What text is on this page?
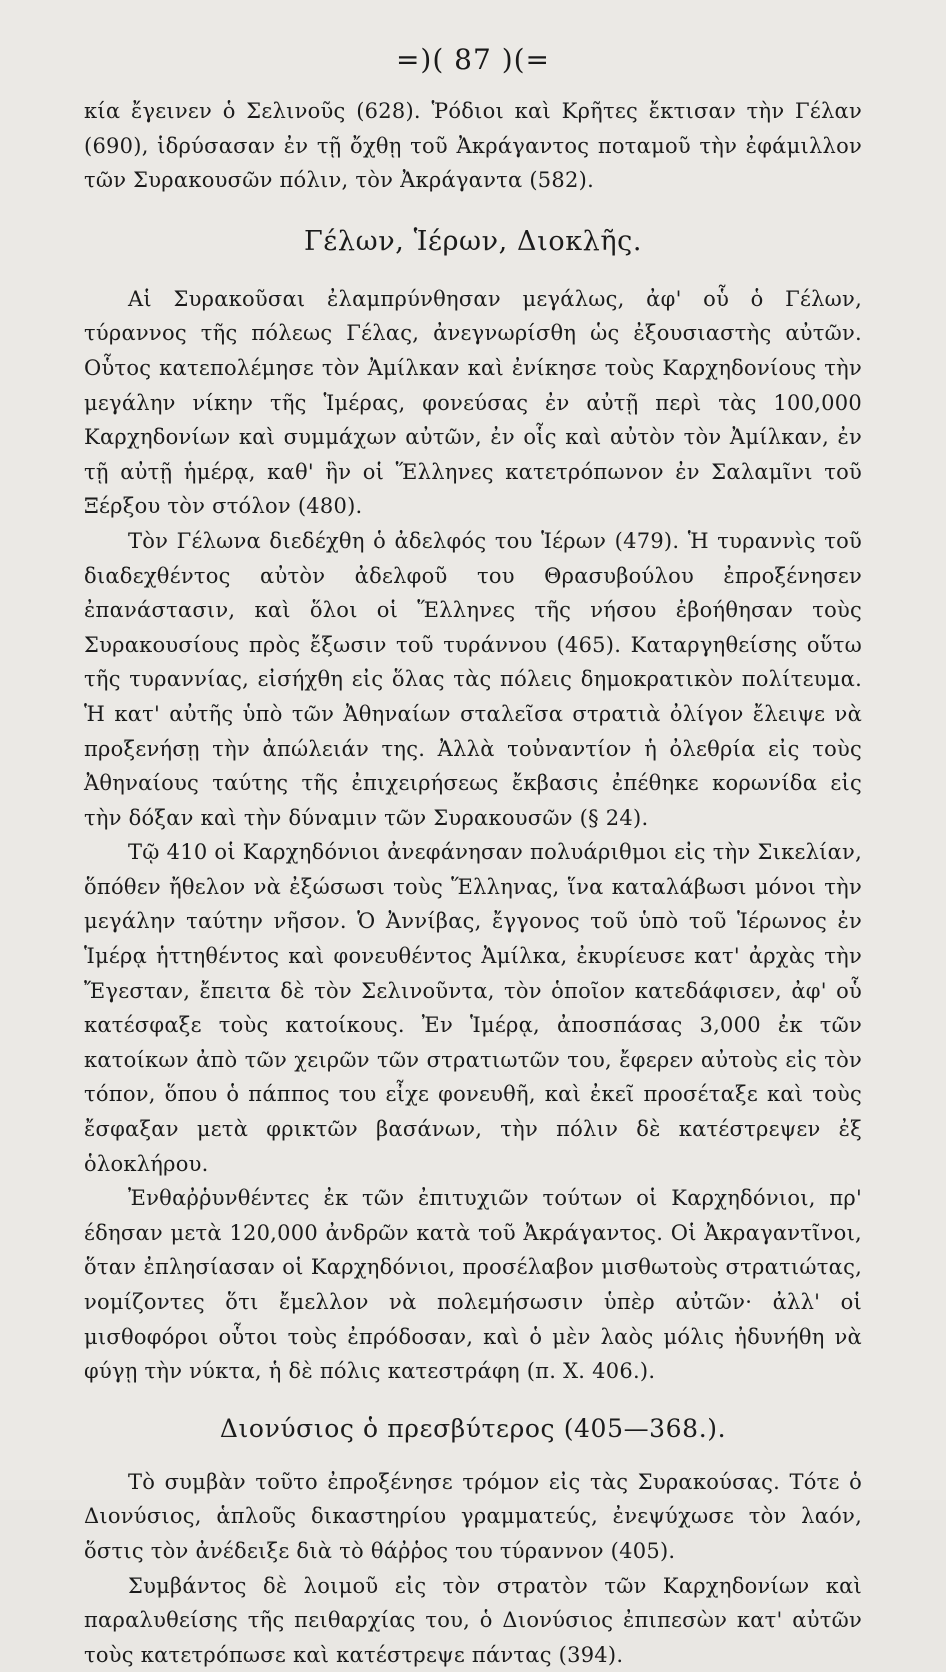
=)( 87 )(=

κία ἔγεινεν ὁ Σελινοῦς (628). Ῥόδιοι καὶ Κρῆτες ἔκτισαν τὴν Γέλαν (690), ἱδρύσασαν ἐν τῇ ὄχθῃ τοῦ Ἀκράγαντος ποταμοῦ τὴν ἐφάμιλλον τῶν Συρακουσῶν πόλιν, τὸν Ἀκράγαντα (582).

Γέλων, Ἱέρων, Διοκλῆς.

Αἱ Συρακοῦσαι ἐλαμπρύνθησαν μεγάλως, ἀφ' οὗ ὁ Γέλων, τύραννος τῆς πόλεως Γέλας, ἀνεγνωρίσθη ὡς ἐξουσιαστὴς αὐτῶν. Οὗτος κατεπολέμησε τὸν Ἀμίλκαν καὶ ἐνίκησε τοὺς Καρχηδονίους τὴν μεγάλην νίκην τῆς Ἱμέρας, φονεύσας ἐν αὐτῇ περὶ τὰς 100,000 Καρχηδονίων καὶ συμμάχων αὐτῶν, ἐν οἷς καὶ αὐτὸν τὸν Ἀμίλκαν, ἐν τῇ αὐτῇ ἡμέρᾳ, καθ' ἣν οἱ Ἕλληνες κατετρόπωνον ἐν Σαλαμῖνι τοῦ Ξέρξου τὸν στόλον (480).

Τὸν Γέλωνα διεδέχθη ὁ ἀδελφός του Ἱέρων (479). Ἡ τυραννὶς τοῦ διαδεχθέντος αὐτὸν ἀδελφοῦ του Θρασυβούλου ἐπροξένησεν ἐπανάστασιν, καὶ ὅλοι οἱ Ἕλληνες τῆς νήσου ἐβοήθησαν τοὺς Συρακουσίους πρὸς ἔξωσιν τοῦ τυράννου (465). Καταργηθείσης οὕτω τῆς τυραννίας, εἰσήχθη εἰς ὅλας τὰς πόλεις δημοκρατικὸν πολίτευμα. Ἡ κατ' αὐτῆς ὑπὸ τῶν Ἀθηναίων σταλεῖσα στρατιὰ ὀλίγον ἔλειψε νὰ προξενήσῃ τὴν ἀπώλειάν της. Ἀλλὰ τοὐναντίον ἡ ὀλεθρία εἰς τοὺς Ἀθηναίους ταύτης τῆς ἐπιχειρήσεως ἔκβασις ἐπέθηκε κορωνίδα εἰς τὴν δόξαν καὶ τὴν δύναμιν τῶν Συρακουσῶν (§ 24).

Τῷ 410 οἱ Καρχηδόνιοι ἀνεφάνησαν πολυάριθμοι εἰς τὴν Σικελίαν, ὅπόθεν ἤθελον νὰ ἐξώσωσι τοὺς Ἕλληνας, ἵνα καταλάβωσι μόνοι τὴν μεγάλην ταύτην νῆσον. Ὁ Ἀννίβας, ἔγγονος τοῦ ὑπὸ τοῦ Ἱέρωνος ἐν Ἱμέρᾳ ἡττηθέντος καὶ φονευθέντος Ἀμίλκα, ἐκυρίευσε κατ' ἀρχὰς τὴν Ἔγεσταν, ἔπειτα δὲ τὸν Σελινοῦντα, τὸν ὁποῖον κατεδάφισεν, ἀφ' οὗ κατέσφαξε τοὺς κατοίκους. Ἐν Ἱμέρᾳ, ἀποσπάσας 3,000 ἐκ τῶν κατοίκων ἀπὸ τῶν χειρῶν τῶν στρατιωτῶν του, ἔφερεν αὐτοὺς εἰς τὸν τόπον, ὅπου ὁ πάππος του εἶχε φονευθῆ, καὶ ἐκεῖ προσέταξε καὶ τοὺς ἔσφαξαν μετὰ φρικτῶν βασάνων, τὴν πόλιν δὲ κατέστρεψεν ἐξ ὁλοκλήρου.

Ἐνθαῤῥυνθέντες ἐκ τῶν ἐπιτυχιῶν τούτων οἱ Καρχηδόνιοι, πρ' έδησαν μετὰ 120,000 ἀνδρῶν κατὰ τοῦ Ἀκράγαντος. Οἱ Ἀκραγαντῖνοι, ὅταν ἐπλησίασαν οἱ Καρχηδόνιοι, προσέλαβον μισθωτοὺς στρατιώτας, νομίζοντες ὅτι ἔμελλον νὰ πολεμήσωσιν ὑπὲρ αὐτῶν· ἀλλ' οἱ μισθοφόροι οὗτοι τοὺς ἐπρόδοσαν, καὶ ὁ μὲν λαὸς μόλις ἠδυνήθη νὰ φύγῃ τὴν νύκτα, ἡ δὲ πόλις κατεστράφη (π. Χ. 406.).

Διονύσιος ὁ πρεσβύτερος (405—368.).

Τὸ συμβὰν τοῦτο ἐπροξένησε τρόμον εἰς τὰς Συρακούσας. Τότε ὁ Διονύσιος, ἁπλοῦς δικαστηρίου γραμματεύς, ἐνεψύχωσε τὸν λαόν, ὅστις τὸν ἀνέδειξε διὰ τὸ θάῤῥος του τύραννον (405).

Συμβάντος δὲ λοιμοῦ εἰς τὸν στρατὸν τῶν Καρχηδονίων καὶ παραλυθείσης τῆς πειθαρχίας του, ὁ Διονύσιος ἐπιπεσὼν κατ' αὐτῶν τοὺς κατετρόπωσε καὶ κατέστρεψε πάντας (394).
